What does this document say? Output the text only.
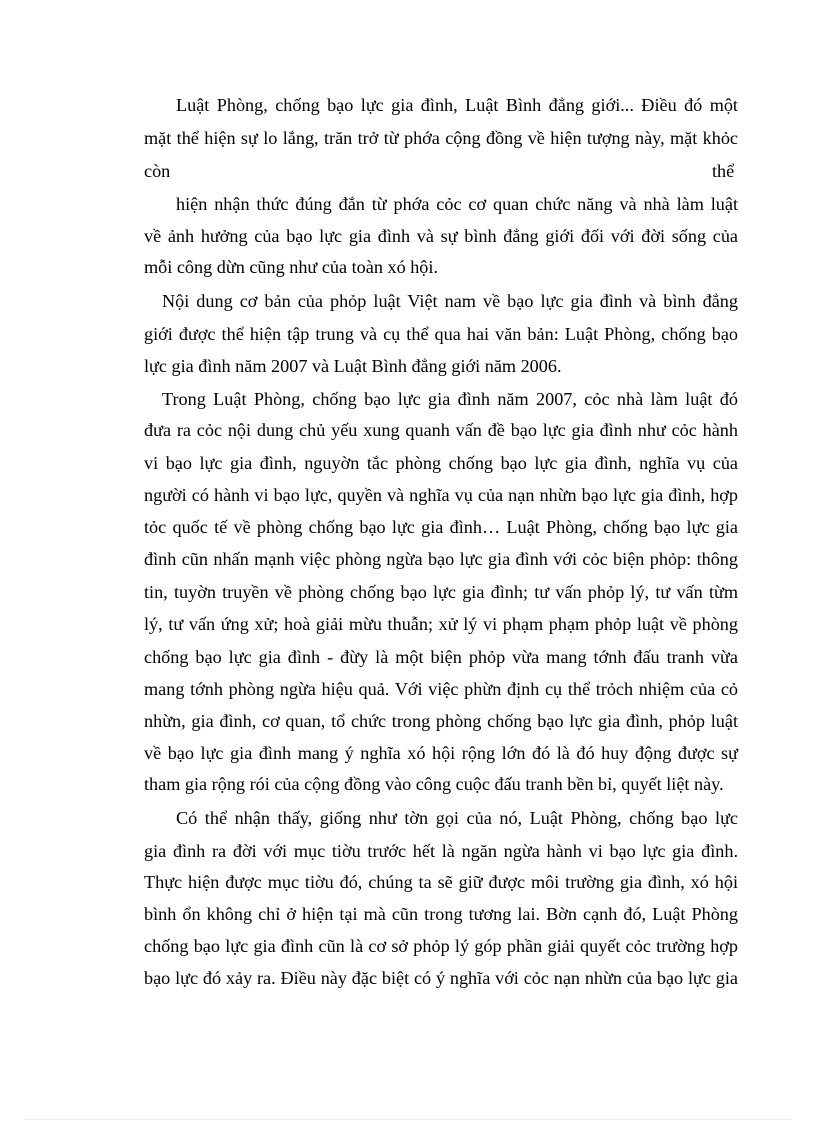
Luật Phòng, chống bạo lực gia đình, Luật Bình đẳng giới... Điều đó một
mặt thể hiện sự lo lắng, trăn trở từ phớa cộng đồng về hiện tượng này, mặt khỏc
còn	thể
hiện nhận thức đúng đắn từ phớa cỏc cơ quan chức năng và nhà làm luật
về ảnh hưởng của bạo lực gia đình và sự bình đẳng giới đối với đời sống của
mỗi công dừn cũng như của toàn xó hội.
Nội dung cơ bản của phỏp luật Việt nam về bạo lực gia đình và bình đẳng
giới được thể hiện tập trung và cụ thể qua hai văn bản: Luật Phòng, chống bạo
lực gia đình năm 2007 và Luật Bình đẳng giới năm 2006.
Trong Luật Phòng, chống bạo lực gia đình năm 2007, cỏc nhà làm luật đó
đưa ra cỏc nội dung chủ yếu xung quanh vấn đề bạo lực gia đình như cỏc hành
vi bạo lực gia đình, nguyờn tắc phòng chống bạo lực gia đình, nghĩa vụ của
người có hành vi bạo lực, quyền và nghĩa vụ của nạn nhừn bạo lực gia đình, hợp
tỏc quốc tế về phòng chống bạo lực gia đình… Luật Phòng, chống bạo lực gia
đình cũn nhấn mạnh việc phòng ngừa bạo lực gia đình với cỏc biện phỏp: thông
tin, tuyờn truyền về phòng chống bạo lực gia đình; tư vấn phỏp lý, tư vấn từm
lý, tư vấn ứng xử; hoà giải mừu thuẫn; xử lý vi phạm phạm phỏp luật về phòng
chống bạo lực gia đình - đừy là một biện phỏp vừa mang tớnh đấu tranh vừa
mang tớnh phòng ngừa hiệu quả. Với việc phừn định cụ thể trỏch nhiệm của cỏ
nhừn, gia đình, cơ quan, tổ chức trong phòng chống bạo lực gia đình, phỏp luật
về bạo lực gia đình mang ý nghĩa xó hội rộng lớn đó là đó huy động được sự
tham gia rộng rói của cộng đồng vào công cuộc đấu tranh bền bỉ, quyết liệt này.
Có thể nhận thấy, giống như tờn gọi của nó, Luật Phòng, chống bạo lực
gia đình ra đời với mục tiờu trước hết là ngăn ngừa hành vi bạo lực gia đình.
Thực hiện được mục tiờu đó, chúng ta sẽ giữ được môi trường gia đình, xó hội
bình ổn không chỉ ở hiện tại mà cũn trong tương lai. Bờn cạnh đó, Luật Phòng
chống bạo lực gia đình cũn là cơ sở phỏp lý góp phần giải quyết cỏc trường hợp
bạo lực đó xảy ra. Điều này đặc biệt có ý nghĩa với cỏc nạn nhừn của bạo lực gia
